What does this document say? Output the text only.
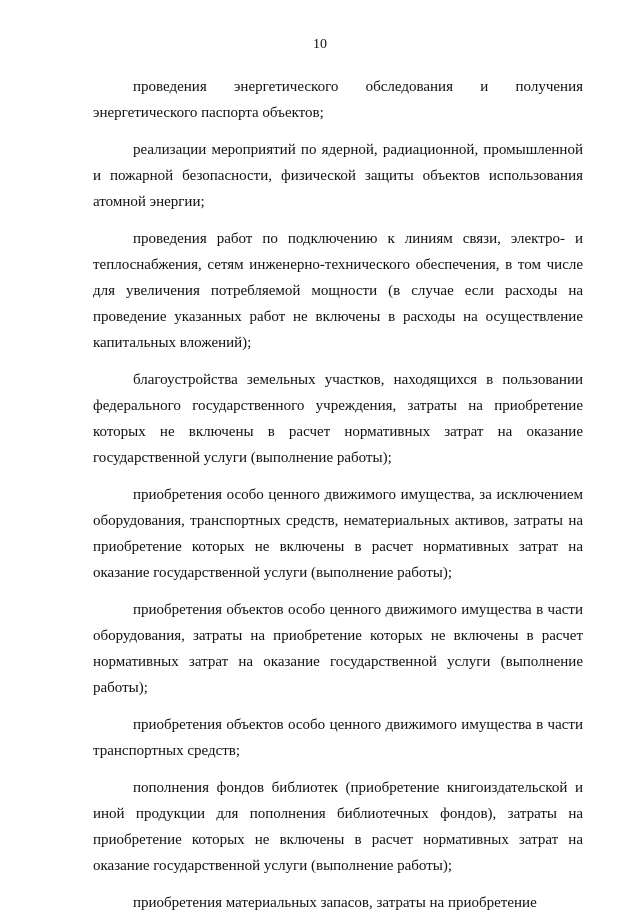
10

проведения энергетического обследования и получения энергетического паспорта объектов;

реализации мероприятий по ядерной, радиационной, промышленной и пожарной безопасности, физической защиты объектов использования атомной энергии;

проведения работ по подключению к линиям связи, электро- и теплоснабжения, сетям инженерно-технического обеспечения, в том числе для увеличения потребляемой мощности (в случае если расходы на проведение указанных работ не включены в расходы на осуществление капитальных вложений);

благоустройства земельных участков, находящихся в пользовании федерального государственного учреждения, затраты на приобретение которых не включены в расчет нормативных затрат на оказание государственной услуги (выполнение работы);

приобретения особо ценного движимого имущества, за исключением оборудования, транспортных средств, нематериальных активов, затраты на приобретение которых не включены в расчет нормативных затрат на оказание государственной услуги (выполнение работы);

приобретения объектов особо ценного движимого имущества в части оборудования, затраты на приобретение которых не включены в расчет нормативных затрат на оказание государственной услуги (выполнение работы);

приобретения объектов особо ценного движимого имущества в части транспортных средств;

пополнения фондов библиотек (приобретение книгоиздательской и иной продукции для пополнения библиотечных фондов), затраты на приобретение которых не включены в расчет нормативных затрат на оказание государственной услуги (выполнение работы);

приобретения материальных запасов, затраты на приобретение
